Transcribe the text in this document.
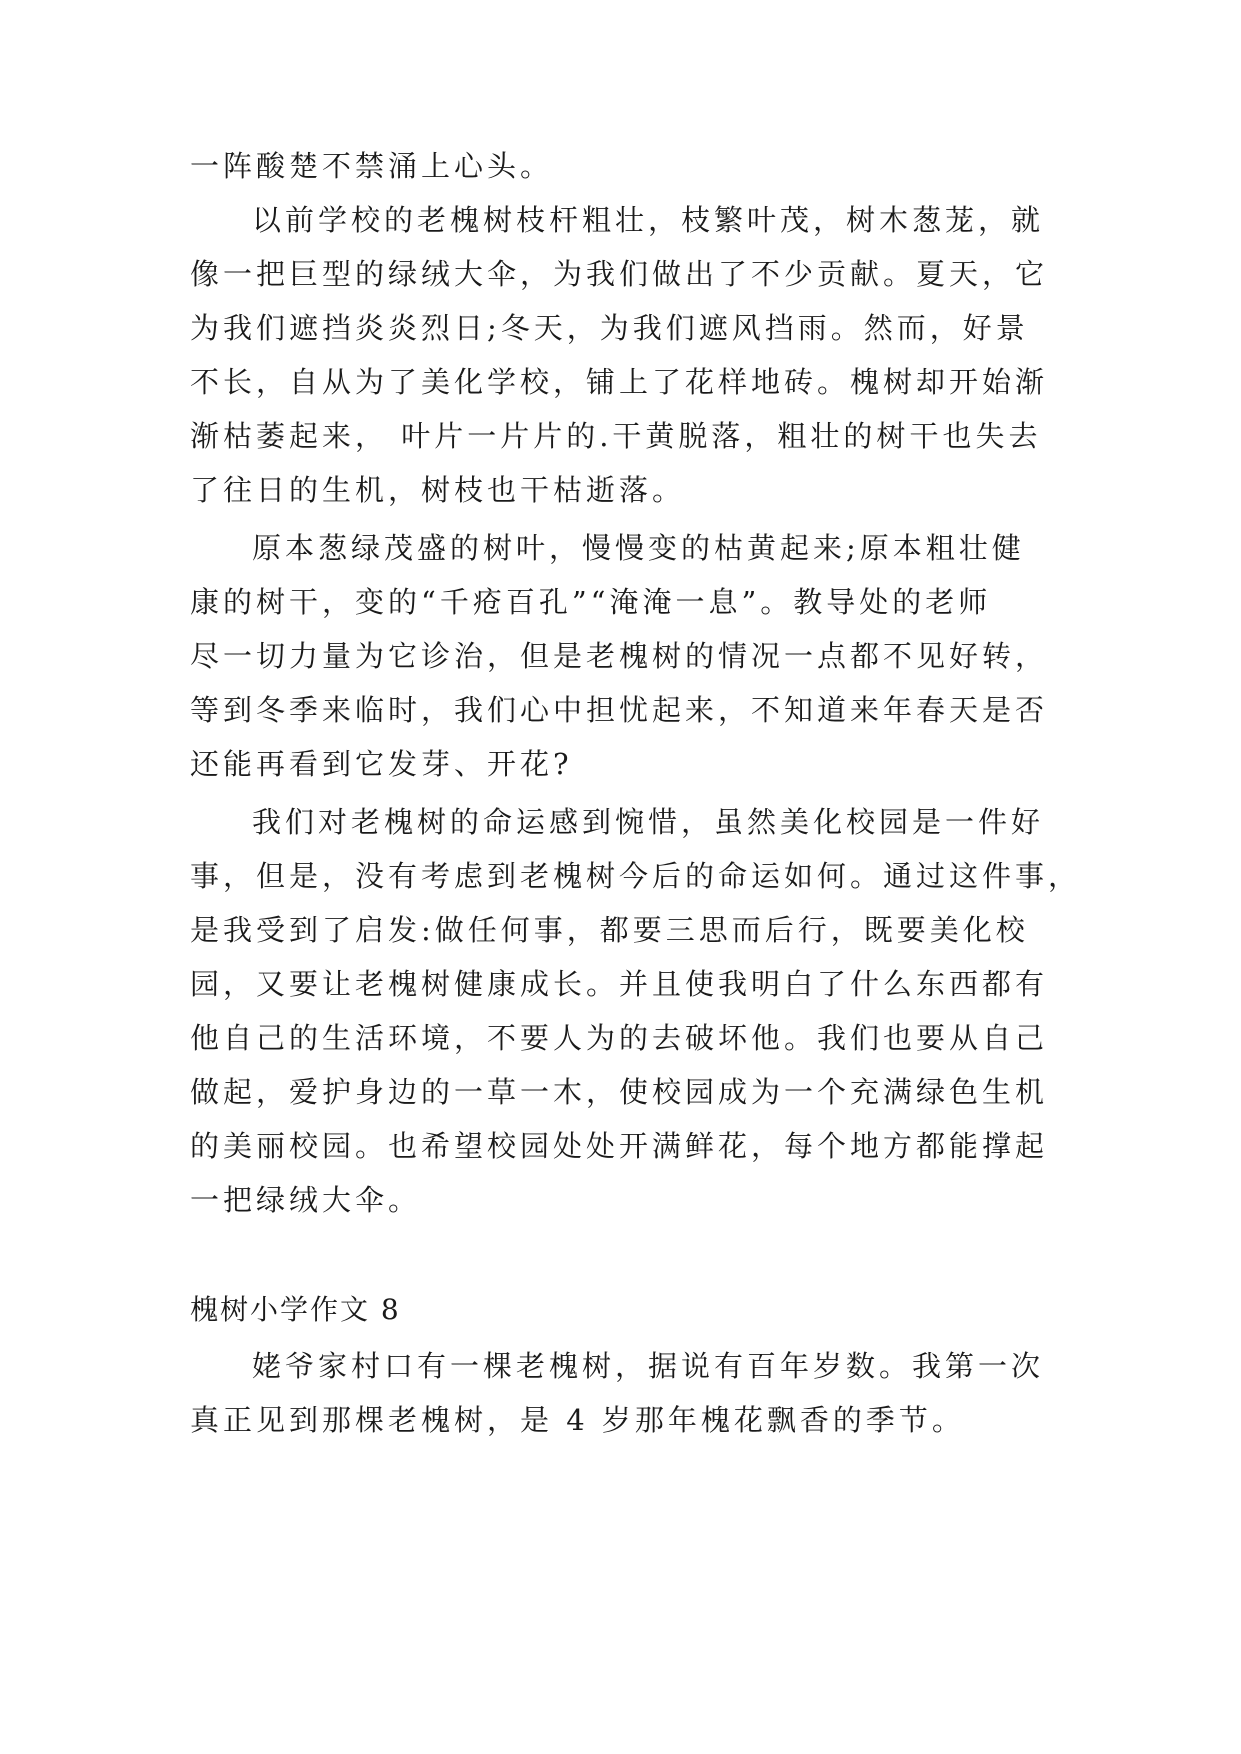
一阵酸楚不禁涌上心头。
以前学校的老槐树枝杆粗壮，枝繁叶茂，树木葱茏，就
像一把巨型的绿绒大伞，为我们做出了不少贡献。夏天，它
为我们遮挡炎炎烈日;冬天，为我们遮风挡雨。然而，好景
不长，自从为了美化学校，铺上了花样地砖。槐树却开始渐
渐枯萎起来， 叶片一片片的.干黄脱落，粗壮的树干也失去
了往日的生机，树枝也干枯逝落。
原本葱绿茂盛的树叶，慢慢变的枯黄起来;原本粗壮健
康的树干，变的“千疮百孔”“淹淹一息”。教导处的老师
尽一切力量为它诊治，但是老槐树的情况一点都不见好转，
等到冬季来临时，我们心中担忧起来，不知道来年春天是否
还能再看到它发芽、开花?
我们对老槐树的命运感到惋惜，虽然美化校园是一件好
事，但是，没有考虑到老槐树今后的命运如何。通过这件事，
是我受到了启发:做任何事，都要三思而后行，既要美化校
园，又要让老槐树健康成长。并且使我明白了什么东西都有
他自己的生活环境，不要人为的去破坏他。我们也要从自己
做起，爱护身边的一草一木，使校园成为一个充满绿色生机
的美丽校园。也希望校园处处开满鲜花，每个地方都能撑起
一把绿绒大伞。
槐树小学作文 8
姥爷家村口有一棵老槐树，据说有百年岁数。我第一次
真正见到那棵老槐树，是 4 岁那年槐花飘香的季节。
